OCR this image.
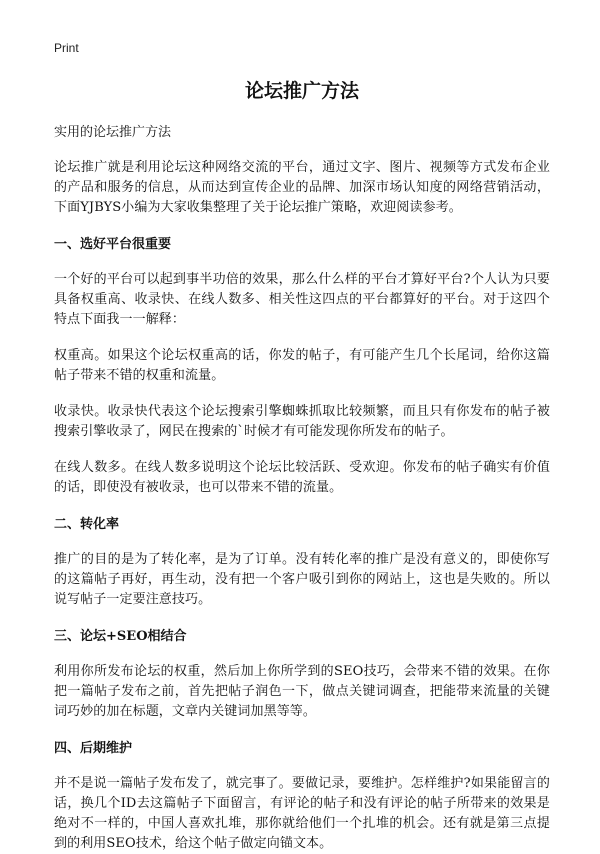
Print

论坛推广方法

实用的论坛推广方法

论坛推广就是利用论坛这种网络交流的平台，通过文字、图片、视频等方式发布企业的产品和服务的信息，从而达到宣传企业的品牌、加深市场认知度的网络营销活动，下面YJBYS小编为大家收集整理了关于论坛推广策略，欢迎阅读参考。

一、选好平台很重要

一个好的平台可以起到事半功倍的效果，那么什么样的平台才算好平台?个人认为只要具备权重高、收录快、在线人数多、相关性这四点的平台都算好的平台。对于这四个特点下面我一一解释：

权重高。如果这个论坛权重高的话，你发的帖子，有可能产生几个长尾词，给你这篇帖子带来不错的权重和流量。

收录快。收录快代表这个论坛搜索引擎蜘蛛抓取比较频繁，而且只有你发布的帖子被搜索引擎收录了，网民在搜索的`时候才有可能发现你所发布的帖子。

在线人数多。在线人数多说明这个论坛比较活跃、受欢迎。你发布的帖子确实有价值的话，即使没有被收录，也可以带来不错的流量。

二、转化率

推广的目的是为了转化率，是为了订单。没有转化率的推广是没有意义的，即使你写的这篇帖子再好，再生动，没有把一个客户吸引到你的网站上，这也是失败的。所以说写帖子一定要注意技巧。

三、论坛+SEO相结合

利用你所发布论坛的权重，然后加上你所学到的SEO技巧，会带来不错的效果。在你把一篇帖子发布之前，首先把帖子润色一下，做点关键词调查，把能带来流量的关键词巧妙的加在标题，文章内关键词加黑等等。

四、后期维护

并不是说一篇帖子发布发了，就完事了。要做记录，要维护。怎样维护?如果能留言的话，换几个ID去这篇帖子下面留言，有评论的帖子和没有评论的帖子所带来的效果是绝对不一样的，中国人喜欢扎堆，那你就给他们一个扎堆的机会。还有就是第三点提到的利用SEO技术，给这个帖子做定向锚文本。
